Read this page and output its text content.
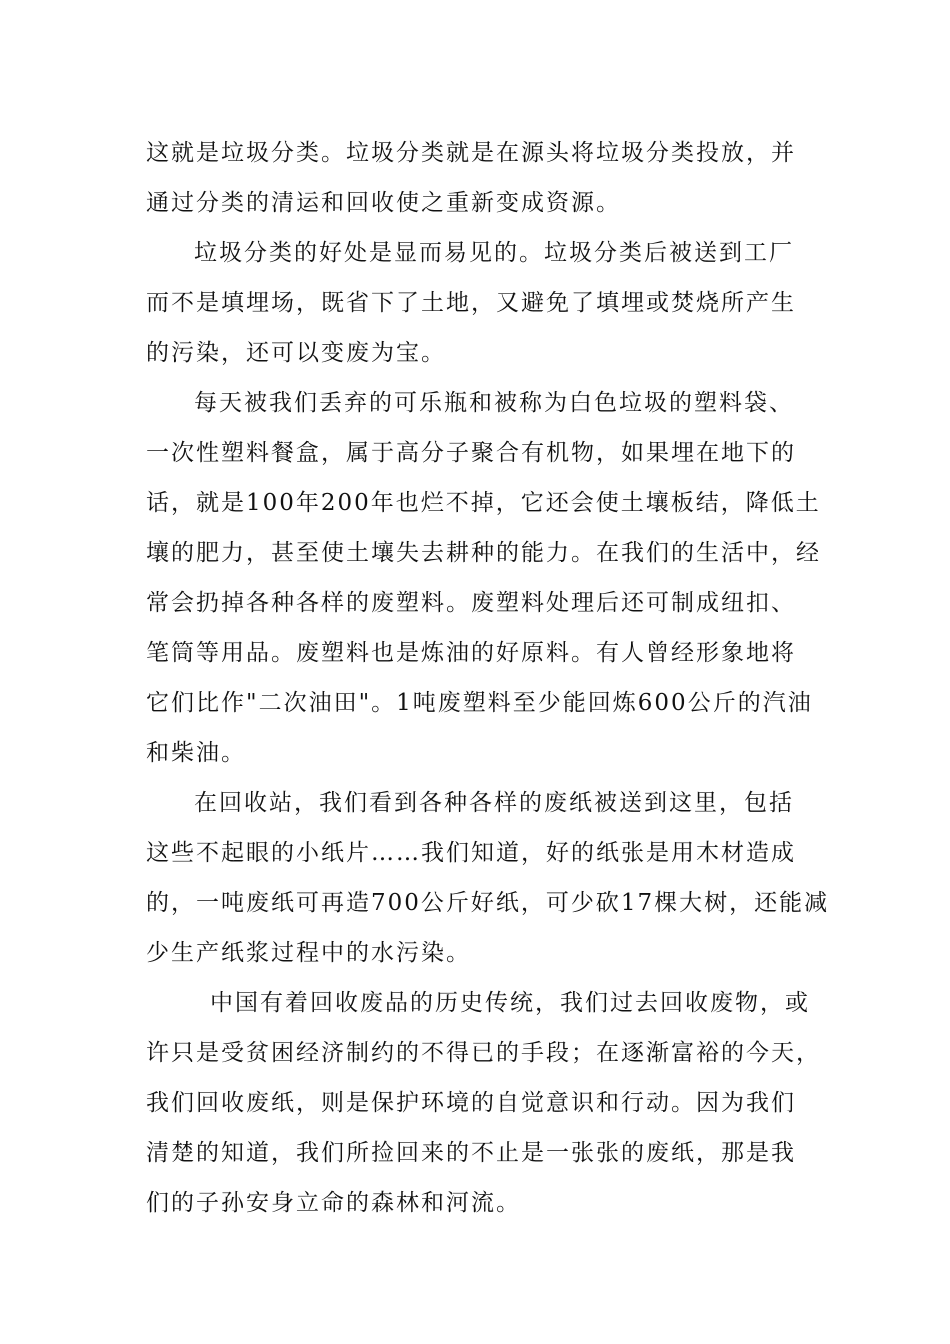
这就是垃圾分类。垃圾分类就是在源头将垃圾分类投放，并
通过分类的清运和回收使之重新变成资源。
垃圾分类的好处是显而易见的。垃圾分类后被送到工厂
而不是填埋场，既省下了土地，又避免了填埋或焚烧所产生
的污染，还可以变废为宝。
每天被我们丢弃的可乐瓶和被称为白色垃圾的塑料袋、
一次性塑料餐盒，属于高分子聚合有机物，如果埋在地下的
话，就是100年200年也烂不掉，它还会使土壤板结，降低土
壤的肥力，甚至使土壤失去耕种的能力。在我们的生活中，经
常会扔掉各种各样的废塑料。废塑料处理后还可制成纽扣、
笔筒等用品。废塑料也是炼油的好原料。有人曾经形象地将
它们比作"二次油田"。1吨废塑料至少能回炼600公斤的汽油
和柴油。
在回收站，我们看到各种各样的废纸被送到这里，包括
这些不起眼的小纸片……我们知道，好的纸张是用木材造成
的，一吨废纸可再造700公斤好纸，可少砍17棵大树，还能减
少生产纸浆过程中的水污染。
中国有着回收废品的历史传统，我们过去回收废物，或
许只是受贫困经济制约的不得已的手段；在逐渐富裕的今天，
我们回收废纸，则是保护环境的自觉意识和行动。因为我们
清楚的知道，我们所捡回来的不止是一张张的废纸，那是我
们的子孙安身立命的森林和河流。
